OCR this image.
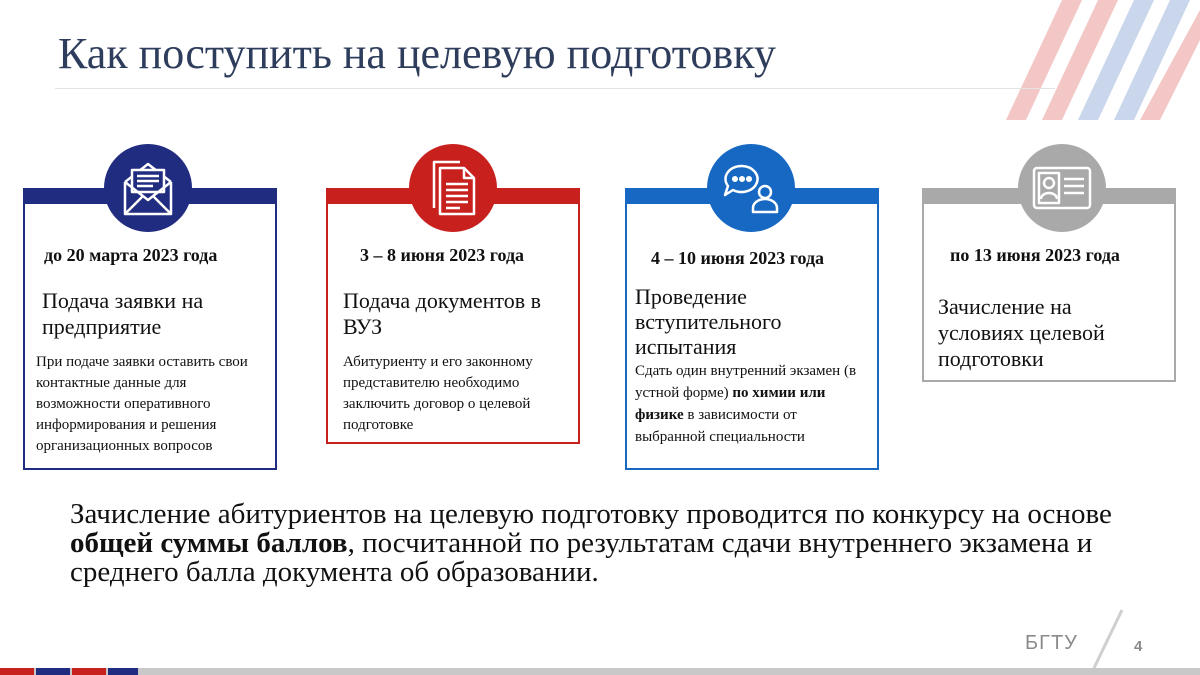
Как поступить на целевую подготовку
до 20 марта 2023 года
Подача заявки на предприятие
При подаче заявки оставить свои контактные данные для возможности оперативного информирования и решения организационных вопросов
3 – 8 июня 2023 года
Подача документов в ВУЗ
Абитуриенту и его законному представителю необходимо заключить договор о целевой подготовке
4 – 10 июня 2023 года
Проведение вступительного испытания
Сдать один внутренний экзамен (в устной форме) по химии или физике в зависимости от выбранной специальности
по 13 июня 2023 года
Зачисление на условиях целевой подготовки
Зачисление абитуриентов на целевую подготовку проводится по конкурсу на основе общей суммы баллов, посчитанной по результатам сдачи внутреннего экзамена и среднего балла документа об образовании.
БГТУ	4
